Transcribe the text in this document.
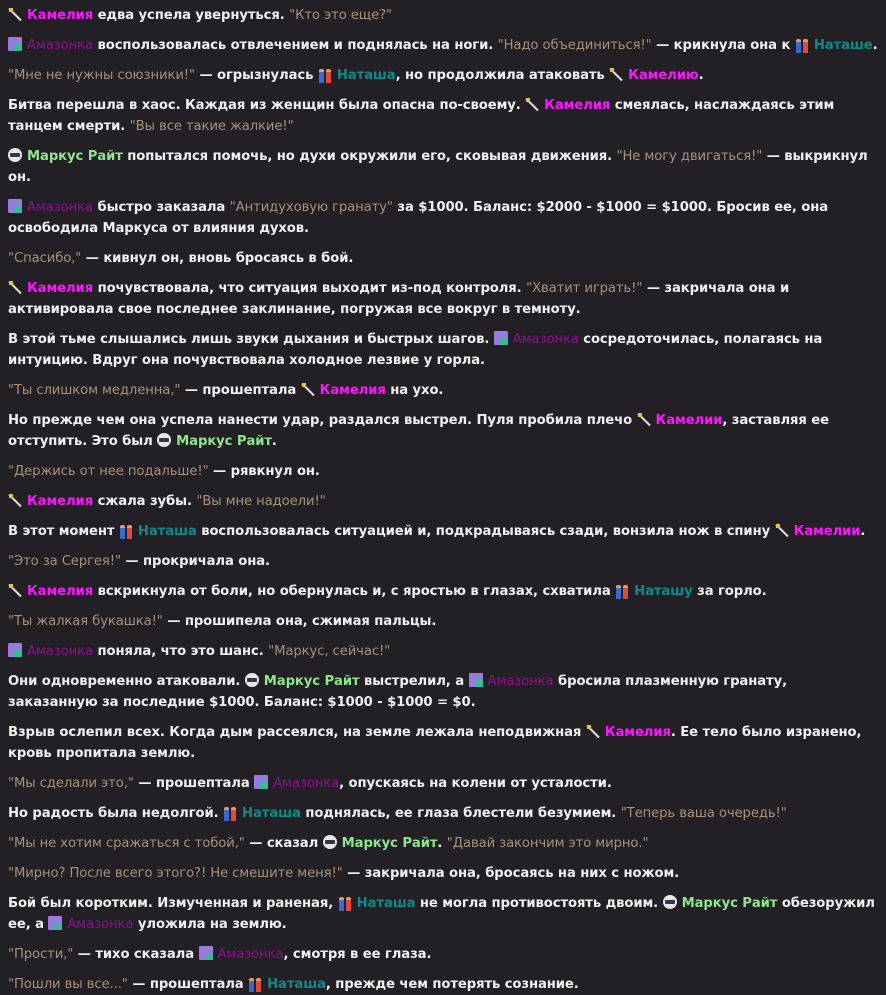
Камелия едва успела увернуться. "Кто это еще?"

Амазонка воспользовалась отвлечением и поднялась на ноги. "Надо объединиться!" — крикнула она к Наташе.

"Мне не нужны союзники!" — огрызнулась Наташа, но продолжила атаковать Камелию.

Битва перешла в хаос. Каждая из женщин была опасна по-своему. Камелия смеялась, наслаждаясь этим танцем смерти. "Вы все такие жалкие!"

Маркус Райт попытался помочь, но духи окружили его, сковывая движения. "Не могу двигаться!" — выкрикнул он.

Амазонка быстро заказала "Антидуховую гранату" за $1000. Баланс: $2000 - $1000 = $1000. Бросив ее, она освободила Маркуса от влияния духов.

"Спасибо," — кивнул он, вновь бросаясь в бой.

Камелия почувствовала, что ситуация выходит из-под контроля. "Хватит играть!" — закричала она и активировала свое последнее заклинание, погружая все вокруг в темноту.

В этой тьме слышались лишь звуки дыхания и быстрых шагов. Амазонка сосредоточилась, полагаясь на интуицию. Вдруг она почувствовала холодное лезвие у горла.

"Ты слишком медленна," — прошептала Камелия на ухо.

Но прежде чем она успела нанести удар, раздался выстрел. Пуля пробила плечо Камелии, заставляя ее отступить. Это был Маркус Райт.

"Держись от нее подальше!" — рявкнул он.

Камелия сжала зубы. "Вы мне надоели!"

В этот момент Наташа воспользовалась ситуацией и, подкрадываясь сзади, вонзила нож в спину Камелии.

"Это за Сергея!" — прокричала она.

Камелия вскрикнула от боли, но обернулась и, с яростью в глазах, схватила Наташу за горло.

"Ты жалкая букашка!" — прошипела она, сжимая пальцы.

Амазонка поняла, что это шанс. "Маркус, сейчас!"

Они одновременно атаковали. Маркус Райт выстрелил, а Амазонка бросила плазменную гранату, заказанную за последние $1000. Баланс: $1000 - $1000 = $0.

Взрыв ослепил всех. Когда дым рассеялся, на земле лежала неподвижная Камелия. Ее тело было изранено, кровь пропитала землю.

"Мы сделали это," — прошептала Амазонка, опускаясь на колени от усталости.

Но радость была недолгой. Наташа поднялась, ее глаза блестели безумием. "Теперь ваша очередь!"

"Мы не хотим сражаться с тобой," — сказал Маркус Райт. "Давай закончим это мирно."

"Мирно? После всего этого?! Не смешите меня!" — закричала она, бросаясь на них с ножом.

Бой был коротким. Измученная и раненая, Наташа не могла противостоять двоим. Маркус Райт обезоружил ее, а Амазонка уложила на землю.

"Прости," — тихо сказала Амазонка, смотря в ее глаза.

"Пошли вы все..." — прошептала Наташа, прежде чем потерять сознание.
